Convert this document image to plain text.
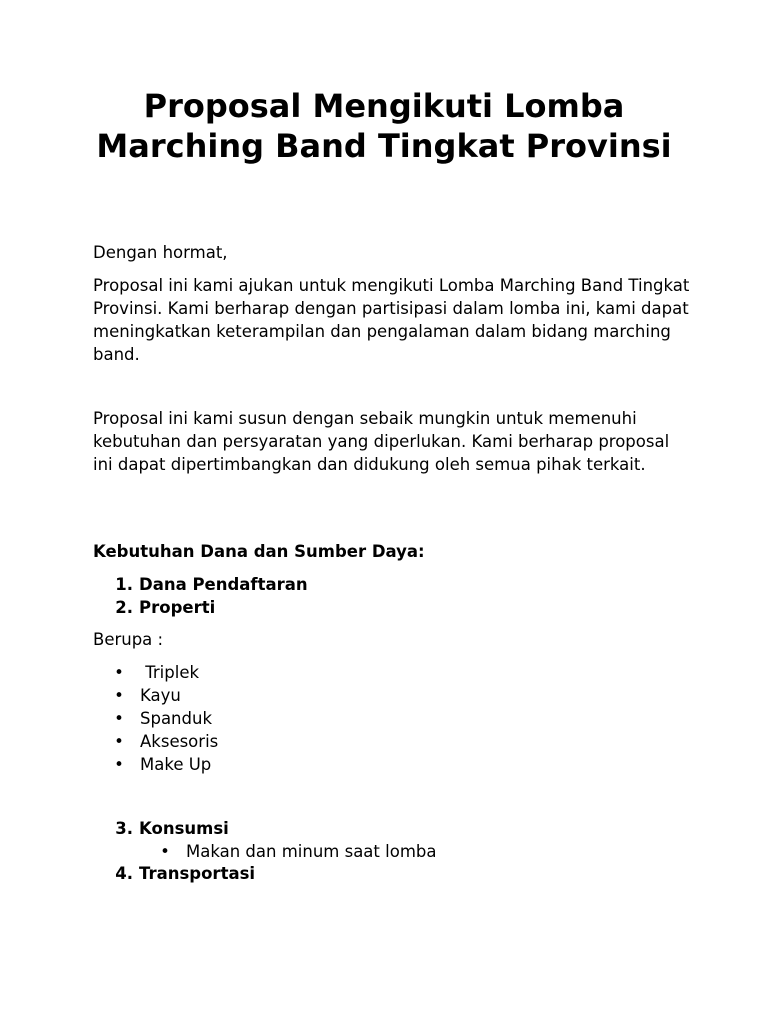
Proposal Mengikuti Lomba Marching Band Tingkat Provinsi

Dengan hormat,

Proposal ini kami ajukan untuk mengikuti Lomba Marching Band Tingkat Provinsi. Kami berharap dengan partisipasi dalam lomba ini, kami dapat meningkatkan keterampilan dan pengalaman dalam bidang marching band.

Proposal ini kami susun dengan sebaik mungkin untuk memenuhi kebutuhan dan persyaratan yang diperlukan. Kami berharap proposal ini dapat dipertimbangkan dan didukung oleh semua pihak terkait.

Kebutuhan Dana dan Sumber Daya:

1. Dana Pendaftaran
2. Properti

Berupa :

• Triplek
• Kayu
• Spanduk
• Aksesoris
• Make Up
3. Konsumsi
• Makan dan minum saat lomba
4. Transportasi
